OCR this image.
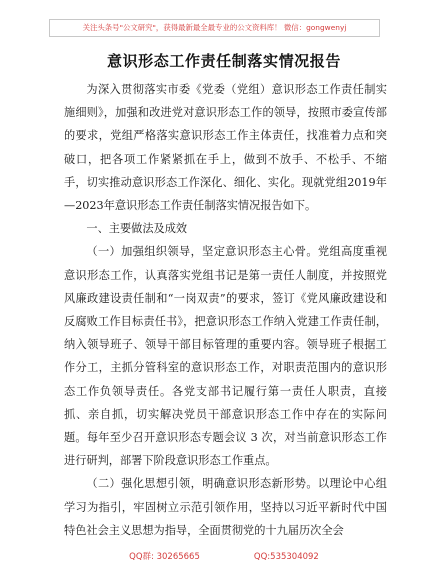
关注头条号"公文研究"，获得最新最全最专业的公文资料库！ 微信：gongwenyj
意识形态工作责任制落实情况报告

为深入贯彻落实市委《党委（党组）意识形态工作责任制实施细则》，加强和改进党对意识形态工作的领导，按照市委宣传部的要求，党组严格落实意识形态工作主体责任，找准着力点和突破口，把各项工作紧紧抓在手上，做到不放手、不松手、不缩手，切实推动意识形态工作深化、细化、实化。现就党组2019年—2023年意识形态工作责任制落实情况报告如下。

一、主要做法及成效

（一）加强组织领导，坚定意识形态主心骨。党组高度重视意识形态工作，认真落实党组书记是第一责任人制度，并按照党风廉政建设责任制和“一岗双责”的要求，签订《党风廉政建设和反腐败工作目标责任书》，把意识形态工作纳入党建工作责任制，纳入领导班子、领导干部目标管理的重要内容。领导班子根据工作分工，主抓分管科室的意识形态工作，对职责范围内的意识形态工作负领导责任。各党支部书记履行第一责任人职责，直接抓、亲自抓，切实解决党员干部意识形态工作中存在的实际问题。每年至少召开意识形态专题会议 3 次，对当前意识形态工作进行研判，部署下阶段意识形态工作重点。

（二）强化思想引领，明确意识形态新形势。以理论中心组学习为指引，牢固树立示范引领作用，坚持以习近平新时代中国特色社会主义思想为指导，全面贯彻党的十九届历次全会

QQ群: 30265665	QQ:535304092
